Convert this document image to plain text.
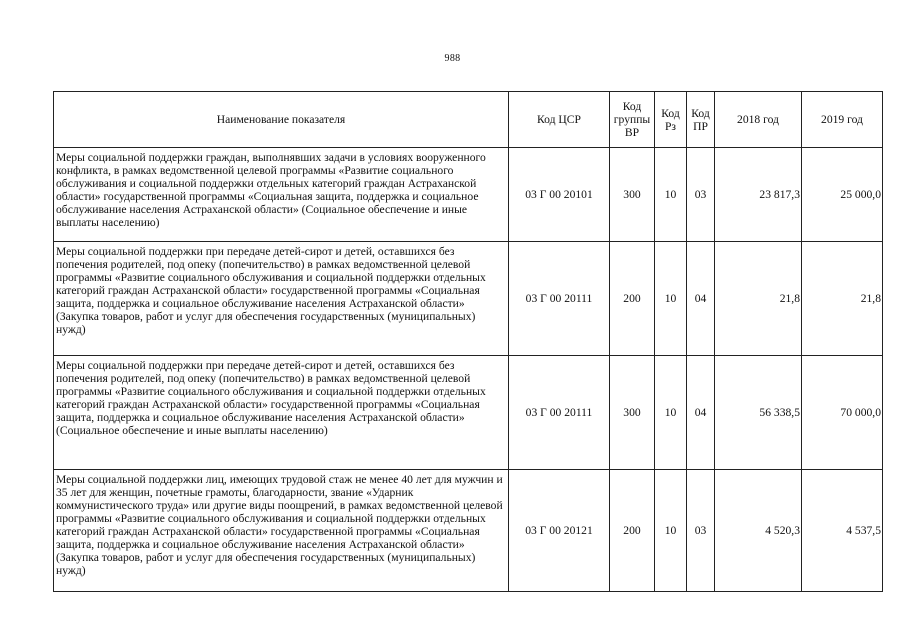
988
Наименование показателя	Код ЦСР	Код группы ВР	Код Рз	Код ПР	2018 год	2019 год
Меры социальной поддержки граждан, выполнявших задачи в условиях вооруженного конфликта, в рамках ведомственной целевой программы «Развитие социального обслуживания и социальной поддержки отдельных категорий граждан Астраханской области» государственной программы «Социальная защита, поддержка и социальное обслуживание населения Астраханской области» (Социальное обеспечение и иные выплаты населению)	03 Г 00 20101	300	10	03	23 817,3	25 000,0
Меры социальной поддержки при передаче детей-сирот и детей, оставшихся без попечения родителей, под опеку (попечительство) в рамках ведомственной целевой программы «Развитие социального обслуживания и социальной поддержки отдельных категорий граждан Астраханской области» государственной программы «Социальная защита, поддержка и социальное обслуживание населения Астраханской области» (Закупка товаров, работ и услуг для обеспечения государственных (муниципальных) нужд)	03 Г 00 20111	200	10	04	21,8	21,8
Меры социальной поддержки при передаче детей-сирот и детей, оставшихся без попечения родителей, под опеку (попечительство) в рамках ведомственной целевой программы «Развитие социального обслуживания и социальной поддержки отдельных категорий граждан Астраханской области» государственной программы «Социальная защита, поддержка и социальное обслуживание населения Астраханской области» (Социальное обеспечение и иные выплаты населению)	03 Г 00 20111	300	10	04	56 338,5	70 000,0
Меры социальной поддержки лиц, имеющих трудовой стаж не менее 40 лет для мужчин и 35 лет для женщин, почетные грамоты, благодарности, звание «Ударник коммунистического труда» или другие виды поощрений, в рамках ведомственной целевой программы «Развитие социального обслуживания и социальной поддержки отдельных категорий граждан Астраханской области» государственной программы «Социальная защита, поддержка и социальное обслуживание населения Астраханской области» (Закупка товаров, работ и услуг для обеспечения государственных (муниципальных) нужд)	03 Г 00 20121	200	10	03	4 520,3	4 537,5
